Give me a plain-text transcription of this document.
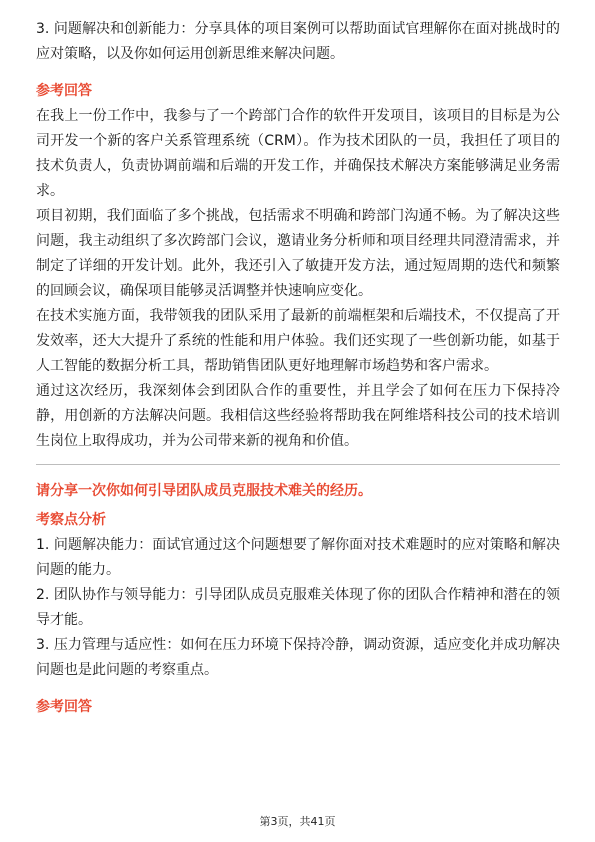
3. 问题解决和创新能力：分享具体的项目案例可以帮助面试官理解你在面对挑战时的应对策略，以及你如何运用创新思维来解决问题。

参考回答

在我上一份工作中，我参与了一个跨部门合作的软件开发项目，该项目的目标是为公司开发一个新的客户关系管理系统（CRM）。作为技术团队的一员，我担任了项目的技术负责人，负责协调前端和后端的开发工作，并确保技术解决方案能够满足业务需求。

项目初期，我们面临了多个挑战，包括需求不明确和跨部门沟通不畅。为了解决这些问题，我主动组织了多次跨部门会议，邀请业务分析师和项目经理共同澄清需求，并制定了详细的开发计划。此外，我还引入了敏捷开发方法，通过短周期的迭代和频繁的回顾会议，确保项目能够灵活调整并快速响应变化。

在技术实施方面，我带领我的团队采用了最新的前端框架和后端技术，不仅提高了开发效率，还大大提升了系统的性能和用户体验。我们还实现了一些创新功能，如基于人工智能的数据分析工具，帮助销售团队更好地理解市场趋势和客户需求。

通过这次经历，我深刻体会到团队合作的重要性，并且学会了如何在压力下保持冷静，用创新的方法解决问题。我相信这些经验将帮助我在阿维塔科技公司的技术培训生岗位上取得成功，并为公司带来新的视角和价值。

请分享一次你如何引导团队成员克服技术难关的经历。

考察点分析

1. 问题解决能力：面试官通过这个问题想要了解你面对技术难题时的应对策略和解决问题的能力。

2. 团队协作与领导能力：引导团队成员克服难关体现了你的团队合作精神和潜在的领导才能。

3. 压力管理与适应性：如何在压力环境下保持冷静，调动资源，适应变化并成功解决问题也是此问题的考察重点。

参考回答

第3页，共41页
